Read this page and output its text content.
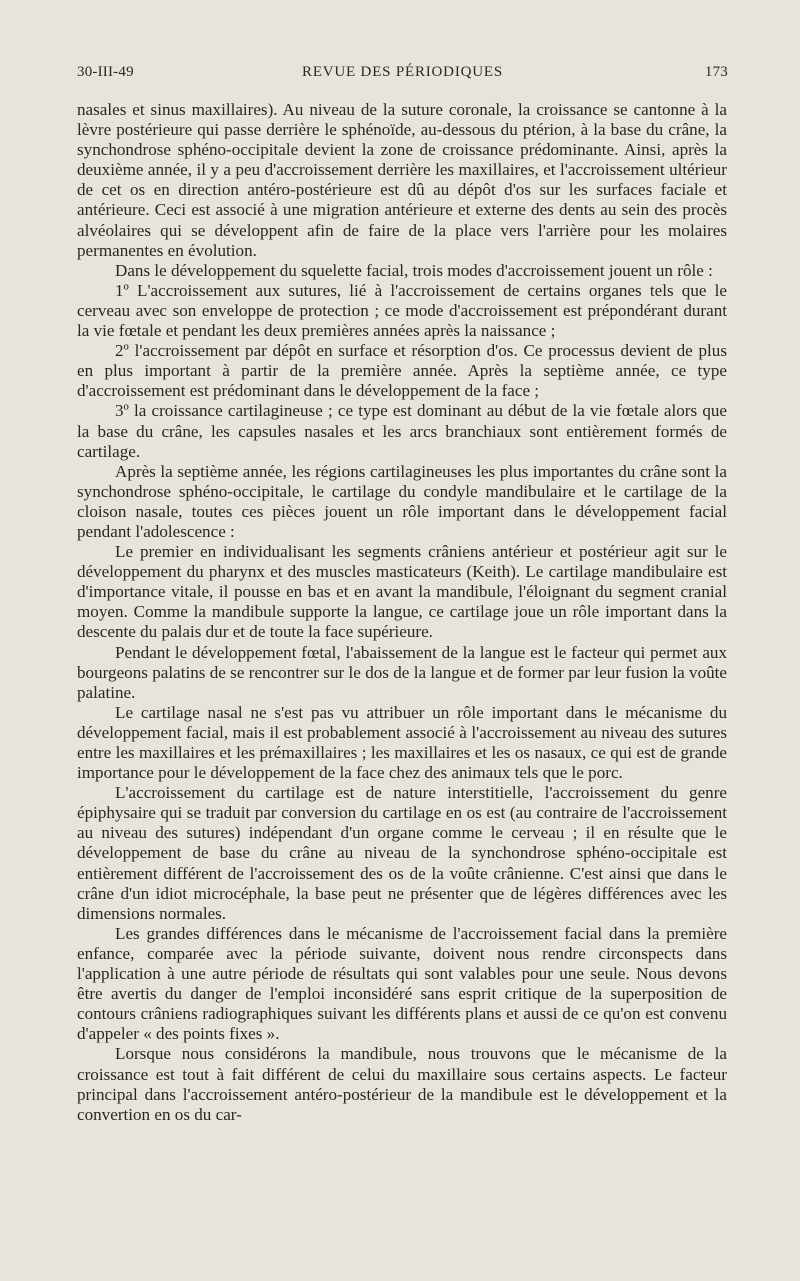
30-III-49	REVUE DES PÉRIODIQUES	173

nasales et sinus maxillaires). Au niveau de la suture coronale, la croissance se cantonne à la lèvre postérieure qui passe derrière le sphénoïde, au-dessous du ptérion, à la base du crâne, la synchondrose sphéno-occipitale devient la zone de croissance prédominante. Ainsi, après la deuxième année, il y a peu d'accroissement derrière les maxillaires, et l'accroissement ultérieur de cet os en direction antéro-postérieure est dû au dépôt d'os sur les surfaces faciale et antérieure. Ceci est associé à une migration antérieure et externe des dents au sein des procès alvéolaires qui se développent afin de faire de la place vers l'arrière pour les molaires permanentes en évolution.

Dans le développement du squelette facial, trois modes d'accroissement jouent un rôle :

1º L'accroissement aux sutures, lié à l'accroissement de certains organes tels que le cerveau avec son enveloppe de protection ; ce mode d'accroissement est prépondérant durant la vie fœtale et pendant les deux premières années après la naissance ;

2º l'accroissement par dépôt en surface et résorption d'os. Ce processus devient de plus en plus important à partir de la première année. Après la septième année, ce type d'accroissement est prédominant dans le développement de la face ;

3º la croissance cartilagineuse ; ce type est dominant au début de la vie fœtale alors que la base du crâne, les capsules nasales et les arcs branchiaux sont entièrement formés de cartilage.

Après la septième année, les régions cartilagineuses les plus importantes du crâne sont la synchondrose sphéno-occipitale, le cartilage du condyle mandibulaire et le cartilage de la cloison nasale, toutes ces pièces jouent un rôle important dans le développement facial pendant l'adolescence :

Le premier en individualisant les segments crâniens antérieur et postérieur agit sur le développement du pharynx et des muscles masticateurs (Keith). Le cartilage mandibulaire est d'importance vitale, il pousse en bas et en avant la mandibule, l'éloignant du segment cranial moyen. Comme la mandibule supporte la langue, ce cartilage joue un rôle important dans la descente du palais dur et de toute la face supérieure.

Pendant le développement fœtal, l'abaissement de la langue est le facteur qui permet aux bourgeons palatins de se rencontrer sur le dos de la langue et de former par leur fusion la voûte palatine.

Le cartilage nasal ne s'est pas vu attribuer un rôle important dans le mécanisme du développement facial, mais il est probablement associé à l'accroissement au niveau des sutures entre les maxillaires et les prémaxillaires ; les maxillaires et les os nasaux, ce qui est de grande importance pour le développement de la face chez des animaux tels que le porc.

L'accroissement du cartilage est de nature interstitielle, l'accroissement du genre épiphysaire qui se traduit par conversion du cartilage en os est (au contraire de l'accroissement au niveau des sutures) indépendant d'un organe comme le cerveau ; il en résulte que le développement de base du crâne au niveau de la synchondrose sphéno-occipitale est entièrement différent de l'accroissement des os de la voûte crânienne. C'est ainsi que dans le crâne d'un idiot microcéphale, la base peut ne présenter que de légères différences avec les dimensions normales.

Les grandes différences dans le mécanisme de l'accroissement facial dans la première enfance, comparée avec la période suivante, doivent nous rendre circonspects dans l'application à une autre période de résultats qui sont valables pour une seule. Nous devons être avertis du danger de l'emploi inconsidéré sans esprit critique de la superposition de contours crâniens radiographiques suivant les différents plans et aussi de ce qu'on est convenu d'appeler « des points fixes ».

Lorsque nous considérons la mandibule, nous trouvons que le mécanisme de la croissance est tout à fait différent de celui du maxillaire sous certains aspects. Le facteur principal dans l'accroissement antéro-postérieur de la mandibule est le développement et la convertion en os du car-
